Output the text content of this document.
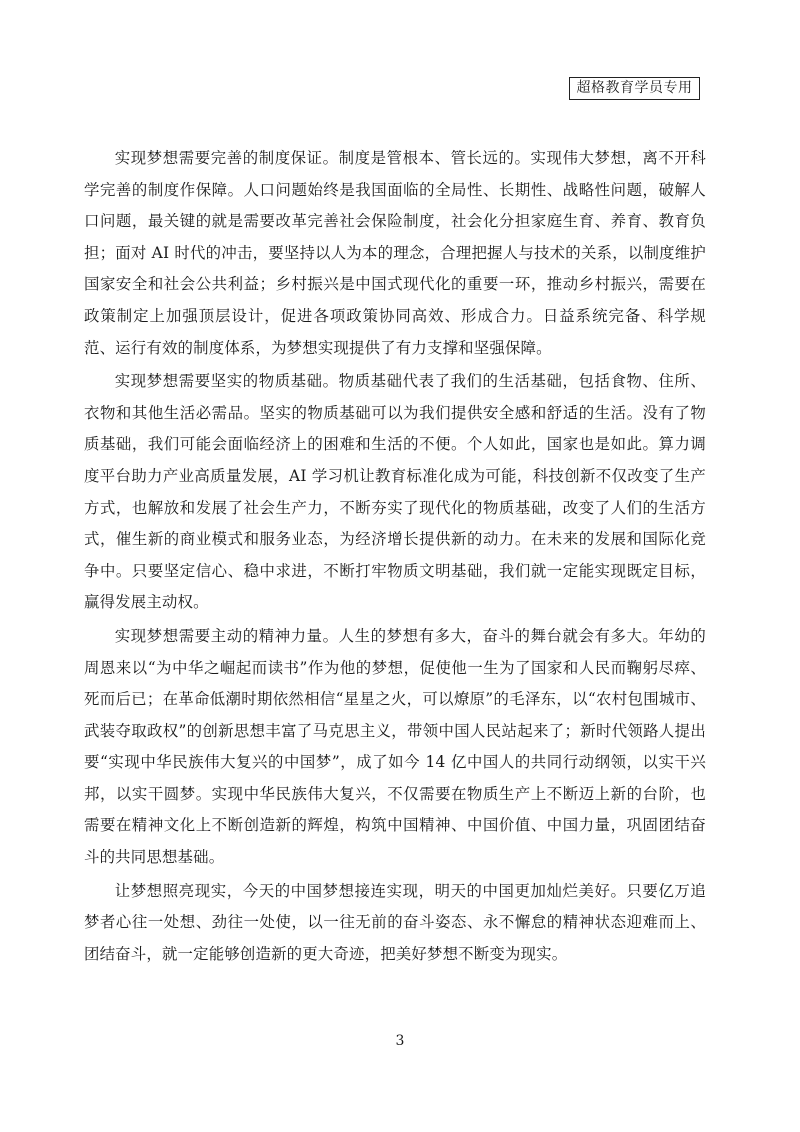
超格教育学员专用

实现梦想需要完善的制度保证。制度是管根本、管长远的。实现伟大梦想，离不开科学完善的制度作保障。人口问题始终是我国面临的全局性、长期性、战略性问题，破解人口问题，最关键的就是需要改革完善社会保险制度，社会化分担家庭生育、养育、教育负担；面对 AI 时代的冲击，要坚持以人为本的理念，合理把握人与技术的关系，以制度维护国家安全和社会公共利益；乡村振兴是中国式现代化的重要一环，推动乡村振兴，需要在政策制定上加强顶层设计，促进各项政策协同高效、形成合力。日益系统完备、科学规范、运行有效的制度体系，为梦想实现提供了有力支撑和坚强保障。

实现梦想需要坚实的物质基础。物质基础代表了我们的生活基础，包括食物、住所、衣物和其他生活必需品。坚实的物质基础可以为我们提供安全感和舒适的生活。没有了物质基础，我们可能会面临经济上的困难和生活的不便。个人如此，国家也是如此。算力调度平台助力产业高质量发展，AI 学习机让教育标准化成为可能，科技创新不仅改变了生产方式，也解放和发展了社会生产力，不断夯实了现代化的物质基础，改变了人们的生活方式，催生新的商业模式和服务业态，为经济增长提供新的动力。在未来的发展和国际化竞争中。只要坚定信心、稳中求进，不断打牢物质文明基础，我们就一定能实现既定目标，赢得发展主动权。

实现梦想需要主动的精神力量。人生的梦想有多大，奋斗的舞台就会有多大。年幼的周恩来以“为中华之崛起而读书”作为他的梦想，促使他一生为了国家和人民而鞠躬尽瘁、死而后已；在革命低潮时期依然相信“星星之火，可以燎原”的毛泽东，以“农村包围城市、武装夺取政权”的创新思想丰富了马克思主义，带领中国人民站起来了；新时代领路人提出要“实现中华民族伟大复兴的中国梦”，成了如今 14 亿中国人的共同行动纲领，以实干兴邦，以实干圆梦。实现中华民族伟大复兴，不仅需要在物质生产上不断迈上新的台阶，也需要在精神文化上不断创造新的辉煌，构筑中国精神、中国价值、中国力量，巩固团结奋斗的共同思想基础。

让梦想照亮现实，今天的中国梦想接连实现，明天的中国更加灿烂美好。只要亿万追梦者心往一处想、劲往一处使，以一往无前的奋斗姿态、永不懈怠的精神状态迎难而上、团结奋斗，就一定能够创造新的更大奇迹，把美好梦想不断变为现实。

3
